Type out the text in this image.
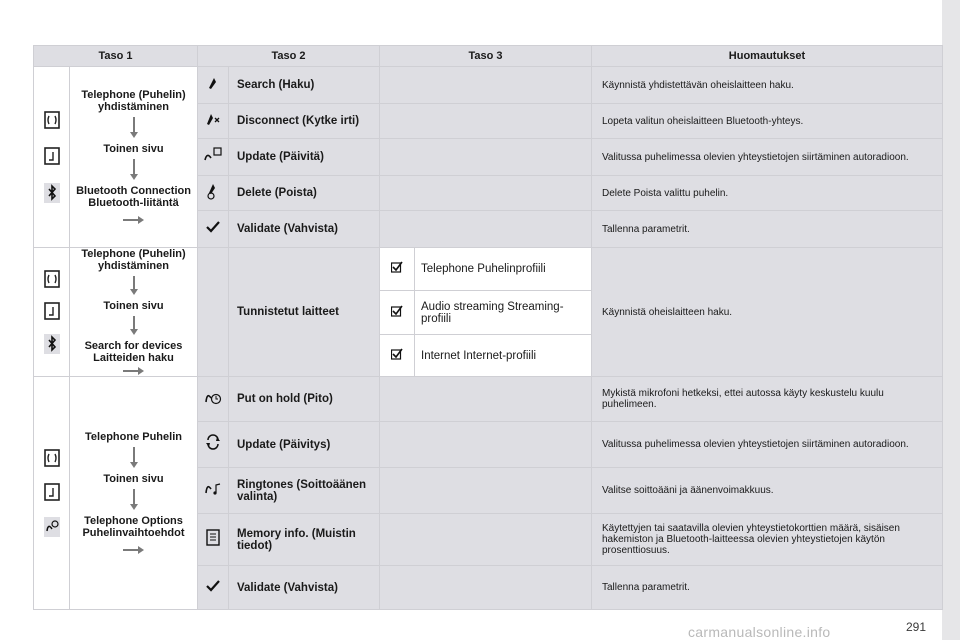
Taso 1		Taso 2		Taso 3		Huomautukset

Telephone (Puhelin) yhdistäminen
Toinen sivu
Bluetooth Connection Bluetooth-liitäntä		Search (Haku)			Käynnistä yhdistettävän oheislaitteen haku.
	Disconnect (Kytke irti)			Lopeta valitun oheislaitteen Bluetooth-yhteys.
	Update (Päivitä)			Valitussa puhelimessa olevien yhteystietojen siirtäminen autoradioon.
	Delete (Poista)			Delete Poista valittu puhelin.
	Validate (Vahvista)			Tallenna parametrit.

Telephone (Puhelin) yhdistäminen
Toinen sivu
Search for devices Laitteiden haku		Tunnistetut laitteet		Telephone Puhelinprofiili	Käynnistä oheislaitteen haku.
	Audio streaming Streaming-profiili	
	Internet Internet-profiili	

Telephone Puhelin
Toinen sivu
Telephone Options Puhelinvaihtoehdot		Put on hold (Pito)			Mykistä mikrofoni hetkeksi, ettei autossa käyty keskustelu kuulu puhelimeen.
	Update (Päivitys)			Valitussa puhelimessa olevien yhteystietojen siirtäminen autoradioon.
	Ringtones (Soittoäänen valinta)			Valitse soittoääni ja äänenvoimakkuus.
	Memory info. (Muistin tiedot)			Käytettyjen tai saatavilla olevien yhteystietokorttien määrä, sisäisen hakemiston ja Bluetooth-laitteessa olevien yhteystietojen käytön prosenttiosuus.
	Validate (Vahvista)			Tallenna parametrit.
carmanualsonline.info	291
